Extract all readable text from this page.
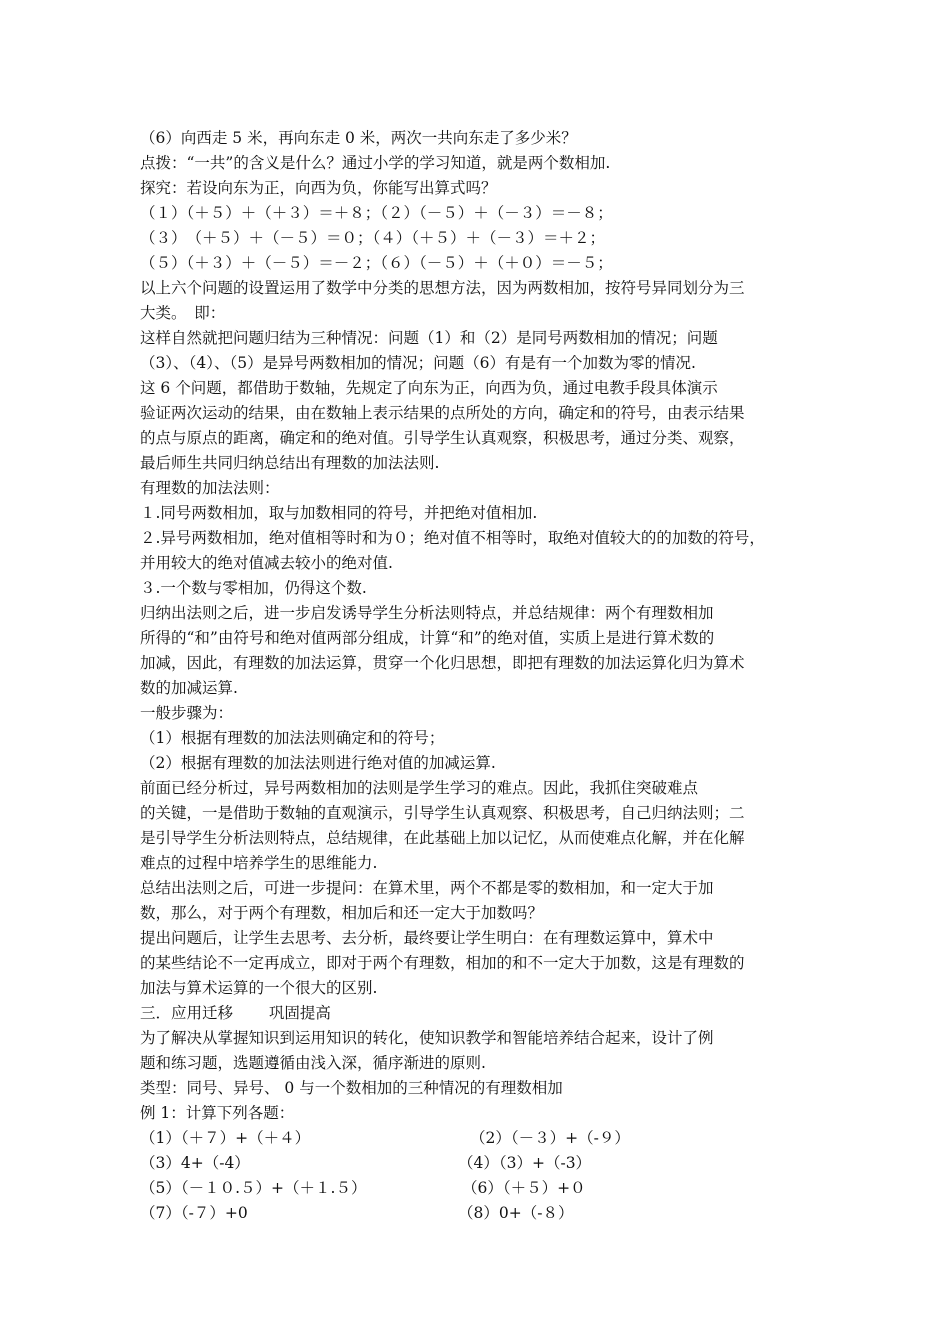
（6）向西走 5 米，再向东走 0 米，两次一共向东走了多少米？
点拨：“一共”的含义是什么？通过小学的学习知道，就是两个数相加.
探究：若设向东为正，向西为负，你能写出算式吗？
（１）（＋５）＋（＋３）＝＋８；（２）（－５）＋（－３）＝－８；
（３）　（＋５）＋（－５）＝０；（４）（＋５）＋（－３）＝＋２；
（５）（＋３）＋（－５）＝－２；（６）（－５）＋（＋０）＝－５；
以上六个问题的设置运用了数学中分类的思想方法，因为两数相加，按符号异同划分为三
大类。　即：
这样自然就把问题归结为三种情况：问题（1）和（2）是同号两数相加的情况；问题
（3）、（4）、（5）是异号两数相加的情况；问题（6）有是有一个加数为零的情况.
这 6 个问题，都借助于数轴，先规定了向东为正，向西为负，通过电教手段具体演示
验证两次运动的结果，由在数轴上表示结果的点所处的方向，确定和的符号，由表示结果
的点与原点的距离，确定和的绝对值。引导学生认真观察，积极思考，通过分类、观察，
最后师生共同归纳总结出有理数的加法法则.
有理数的加法法则：
１.同号两数相加，取与加数相同的符号，并把绝对值相加.
２.异号两数相加，绝对值相等时和为０；绝对值不相等时，取绝对值较大的的加数的符号，
并用较大的绝对值减去较小的绝对值.
３.一个数与零相加，仍得这个数.
归纳出法则之后，进一步启发诱导学生分析法则特点，并总结规律：两个有理数相加
所得的“和”由符号和绝对值两部分组成，计算“和”的绝对值，实质上是进行算术数的
加减，因此，有理数的加法运算，贯穿一个化归思想，即把有理数的加法运算化归为算术
数的加减运算.
一般步骤为：
（1）根据有理数的加法法则确定和的符号；
（2）根据有理数的加法法则进行绝对值的加减运算.
前面已经分析过，异号两数相加的法则是学生学习的难点。因此，我抓住突破难点
的关键，一是借助于数轴的直观演示，引导学生认真观察、积极思考，自己归纳法则；二
是引导学生分析法则特点，总结规律，在此基础上加以记忆，从而使难点化解，并在化解
难点的过程中培养学生的思维能力.
总结出法则之后，可进一步提问：在算术里，两个不都是零的数相加，和一定大于加
数，那么，对于两个有理数，相加后和还一定大于加数吗？
提出问题后，让学生去思考、去分析，最终要让学生明白：在有理数运算中，算术中
的某些结论不一定再成立，即对于两个有理数，相加的和不一定大于加数，这是有理数的
加法与算术运算的一个很大的区别.
三．应用迁移　　 巩固提高
为了解决从掌握知识到运用知识的转化，使知识教学和智能培养结合起来，设计了例
题和练习题，选题遵循由浅入深，循序渐进的原则.
类型：同号、异号、 0 与一个数相加的三种情况的有理数相加
例 1：计算下列各题：
（1）（＋７）+（＋４）	（2）（－３）+（-９）
（3）4+（-4）	（4）（3）+（-3）
（5）（－１０.５）+（＋１.５）	（6）（＋５）+０
（7）（-７）+0	（8）0+（-８）
